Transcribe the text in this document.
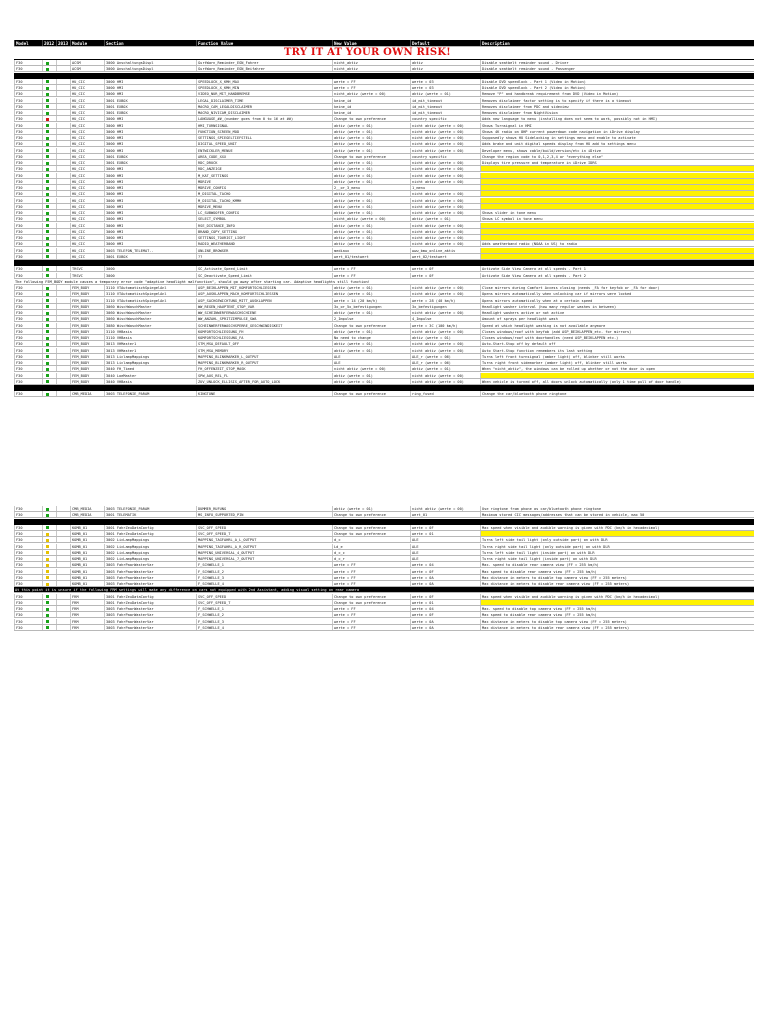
Model	2012 2013 Module	Section	Function Value	New Value	Default	Description
TRY IT AT YOUR OWN RISK!
F30	ACSM	3000 AnschaltungsDispl	GurtWarn_Reminder_EGN_Fahrer	nicht_aktiv	aktiv	Disable seatbelt reminder sound - Driver
F30	ACSM	3000 AnschaltungsDispl	GurtWarn_Reminder_EGN_Beifahrer	nicht_aktiv	aktiv	Disable seatbelt reminder sound - Passenger
F30	HU_CIC	3000 HMI	SPEEDLOCK_X_KMH_MAX	werte = FF	werte = 03	Disable DVD speedlock - Part 1 (Video in Motion)
F30	HU_CIC	3000 HMI	SPEEDLOCK_X_KMH_MIN	werte = FF	werte = 03	Disable DVD speedlock - Part 2 (Video in Motion)
F30	HU_CIC	3000 HMI	VIDEO_NUR_MIT_HANDBREMSE	nicht_aktiv (werte = 00)	aktiv (werte = 01)	Remove "P" and handbreak requirement from DVD (Video in Motion)
F30	HU_CIC	3001 EXBOX	LEGAL_DISCLAIMER_TIME	keine_id	id_mit_timeout	Removes disclaimer factor setting is to specify if there is a timeout
F30	HU_CIC	3001 EXBOX	MACRO_CAM_LEGALDISCLAIMER	keine_id	id_mit_timeout	Removes disclaimer from PDC and sideview
F30	HU_CIC	3001 EXBOX	MACRO_NIVICAM_DISCLAIMER	keine_id	id_mit_timeout	Removes disclaimer from NightVision
F30	HU_CIC	3000 HMI	LANGUAGE_##_(number goes from 0 to 16 at ##)	Change to own preference	country specific	Adds new language to menu (installing does not seem to work, possibly not in HMI)
F30	HU_CIC	3000 HMI	HMI_TURNSIGNAL	aktiv (werte = 01)	nicht aktiv (werte = 00)	Shows Turnsignal in HMI
F30	HU_CIC	3000 HMI	FUNCTION_SCREEN_MOD	aktiv (werte = 01)	nicht aktiv (werte = 00)	Shows 4K radio on 8HP current powerdown code navigation in iDrive display
F30	HU_CIC	3000 HMI	SETTINGS_SPIEGELTIEFSTELL	aktiv (werte = 01)	nicht aktiv (werte = 00)	Supposedly shows HU Sidelocking in settings menu and enable to activate
F30	HU_CIC	3000 HMI	DIGITAL_SPEED_UNIT	aktiv (werte = 01)	nicht aktiv (werte = 00)	Adds brake and unit digital speeds display from HU add to settings menu
F30	HU_CIC	3000 HMI	ENTWICKLER_MENUE	aktiv (werte = 01)	nicht aktiv (werte = 00)	Developer menu, shows cable/build/version/etc in iDrive
F30	HU_CIC	3001 EXBOX	AREA_CODE_XXX	Change to own preference	country specific	Change the region code to 0,1,2,3,4 or "everything else"
F30	HU_CIC	3001 EXBOX	RDC_DRUCK	aktiv (werte = 01)	nicht aktiv (werte = 00)	Displays tire pressure and temperature in iDrive IDRS
F30	HU_CIC	3000 HMI	RDC_ANZEIGE	aktiv (werte = 01)	nicht aktiv (werte = 00)
F30	HU_CIC	3000 HMI	M_KAT_SETTINGS	aktiv (werte = 01)	nicht aktiv (werte = 00)
F30	HU_CIC	3000 HMI	MDRIVE	aktiv (werte = 01)	nicht aktiv (werte = 00)
F30	HU_CIC	3000 HMI	MDRIVE_CONFIG	2__or_3_menu	1_menu
F30	HU_CIC	3000 HMI	M_DIGITAL_TACHO	aktiv (werte = 01)	nicht aktiv (werte = 00)
F30	HU_CIC	3000 HMI	M_DIGITAL_TACHO_KMMH	aktiv (werte = 01)	nicht aktiv (werte = 00)
F30	HU_CIC	3000 HMI	MDRIVE_MENU	aktiv (werte = 01)	nicht aktiv (werte = 00)
F30	HU_CIC	3000 HMI	LC_SUBWOOFER_CONFIG	aktiv (werte = 01)	nicht aktiv (werte = 00)	Shows slider in tone menu
F30	HU_CIC	3000 HMI	SELECT_SYMBOL	nicht_aktiv (werte = 00)	aktiv (werte = 01)	Shows LC symbol in tone menu
F30	HU_CIC	3000 HMI	RSE_DISTANCE_INFO	aktiv (werte = 01)	nicht aktiv (werte = 00)
F30	HU_CIC	3000 HMI	BRAND_COPY_SETTING	aktiv (werte = 01)	nicht aktiv (werte = 00)
F30	HU_CIC	3000 HMI	SETTINGS_TOURIST_LIGHT	aktiv (werte = 01)	nicht aktiv (werte = 00)
F30	HU_CIC	3000 HMI	RADIO_WEATHERBAND	aktiv (werte = 01)	nicht aktiv (werte = 00)	Adds weatherband radio (NOAA in US) to radio
F30	HU_CIC	3003 TELEFON_TELEMAT..	ONLINE_BROWSER	mediaux	www_bmw_online_aktiv
F30	HU_CIC	3001 EXBOX	??	wert_01/testwert	wert_02/testwert
F30	TRSVC	3000	SC_Activate_Speed_Limit	werte = FF	werte = 0F	Activate Side View Camera at all speeds - Part 1
F30	TRSVC	3000	SC_Deactivate_Speed_Limit	werte = FF	werte = 0F	Activate Side View Camera at all speeds - Part 2
The following FEM_BODY module causes a temporary error code "adaptive headlight malfunction", should go away after starting car. Adaptive headlights still function!
F30	FEM_BODY	3110 VTAutomatischSpiegelAnl	ASP_BEIKLAPPEN_MIT_KOMFORTSCHLIESSEN	aktiv (werte = 01)	nicht aktiv (werte = 00)	Close mirrors during Comfort Access closing (needs _FA for keyfob or _FA for door)
F30	FEM_BODY	3110 VTAutomatischSpiegelAnl	ASP_AUSKLAPPEN_MACH_KOMFORTSCHLIESSEN	aktiv (werte = 01)	nicht aktiv (werte = 00)	Opens mirrors automatically when unlocking car if mirrors were locked
F30	FEM_BODY	3110 VTAutomatischSpiegelAnl	ASP_SACHGEWICHTUNG_MITT_AUSKLAPPEN	werte = 14 (20 km/h)	werte = 28 (40 km/h)	Opens mirrors automatically when at a certain speed
F30	FEM_BODY	3060 WischWaschMaster	WW_REGEN_HAUPTENT_STOP_VAR	3x_or_5x_befestigungen	3x_befestigungen	Headlight washer interval (how many regular washes in between)
F30	FEM_BODY	3060 WischWaschMaster	WW_SCHEINWERFERWASCHSCHIENE	aktiv (werte = 01)	nicht aktiv (werte = 00)	Headlight washers active or not active
F30	FEM_BODY	3060 WischWaschMaster	WW_ANZAHL_SPRITZIMPULSE_SWA	2_Impulse	4_Impulse	Amount of sprays per headlight wash
F30	FEM_BODY	3080 WischWaschMaster	SCHEINWERFERWASCHSPERRE_GESCHWINDIGKEIT	Change to own preference	werte = 3C (100 km/h)	Speed at which headlight washing is not available anymore
F30	FEM_BODY	3110 VHBasis	KOMFORTSCHLIESSUNG_FH	aktiv (werte = 01)	nicht aktiv (werte = 00)	Closes windows/roof with keyfob (add ASP_BEIKLAPPEN_etc. for mirrors)
F30	FEM_BODY	3110 VHBasis	KOMFORTSCHLIESSUNG_FA	No need to change	aktiv (werte = 01)	Closes windows/roof with doorhandles (need ASP_BEIKLAPPEN etc.)
F30	FEM_BODY	3013 VHMaster1	STM_MSA_DEFAULT_OFF	aktiv (werte = 01)	nicht aktiv (werte = 00)	Auto-Start-Stop off by default off
F30	FEM_BODY	3013 VHMaster1	STM_MSA_MEMORY	aktiv (werte = 01)	nicht aktiv (werte = 00)	Auto Start-Stop function remembers its last setting
F30	FEM_BODY	3013 LiclampMappings	MAPPING_BLINKMARKER_L_OUTPUT	ALE	ALE_r (werte = 06)	Turns left front turnsignal (amber light) off, blinker still works
F30	FEM_BODY	3013 LiclampMappings	MAPPING_BLINKMARKER_R_OUTPUT	ALE	ALE_r (werte = 06)	Turns right front sidemarker (amber light) off, blinker still works
F30	FEM_BODY	3040 FH_Timed	FH_OFFENZEIT_STOP_MASK	nicht aktiv (werte = 00)	aktiv (werte = 01)	When "nicht_aktiv", the windows can be rolled up whether or not the door is open
F30	FEM_BODY	3040 LoeMaster	SPW_AUS_REL_FL	aktiv (werte = 01)	nicht aktiv (werte = 00)
F30	FEM_BODY	3040 VHBasis	ZUV_UNLOCK_ELLISIS_AFTER_FOR_AUTO_LOCK	aktiv (werte = 01)	nicht aktiv (werte = 00)	When vehicle is turned off, all doors unlock automatically (only 1 time pull of door handle)
F30	CMB_MEDIA	3003 TELEFONIE_PARAM	KINGTONE	Change to own preference	ring_fused	Change the car/bluetooth phone ringtone
F30	CMB_MEDIA	3003 TELEFONIE_PARAM	DUMMER_RUFUNG	aktiv (werte = 01)	nicht aktiv (werte = 00)	Use ringtone from phone as car/bluetooth phone ringtone
F30	CMB_MEDIA	3001 TELEMATIK	MS_INFO_SUPPORTED_PIN	Change to own preference	wert_01	Maximum stored CIC messages/addresses that can be stored in vehicle, max 50
F30	KOMB_01	3001 FahrZeuDataConfig	SVC_OFF_SPEED	Change to own preference	werte = 0F	Max speed when visible and audible warning is given with PDC (km/h in hexadecimal)
F30	KOMB_01	3001 FahrZeuDataConfig	SVC_OFF_SPEED_T	Change to own preference	werte = 01
F30	KOMB_01	3002 LicLampMappings	MAPPING_TAGFAHRL_A_L_OUTPUT	d_c	ALE	Turns left side tail light (only outside part) on with DLR
F30	KOMB_01	3002 LicLampMappings	MAPPING_TAGFAHRL_A_R_OUTPUT	Ld_e	ALE	Turns right side tail light (only outside part) on with DLR
F30	KOMB_01	3002 LicLampMappings	MAPPING_UNIVERSAL_4_OUTPUT	d_c_c	ALE	Turns left side tail light (inside part) on with DLR
F30	KOMB_01	3002 LicLampMappings	MAPPING_UNIVERSAL_7_OUTPUT	d_c_r	ALE	Turns right side tail light (inside part) on with DLR
F30	KOMB_01	3003 FahrPaarWasterVar	F_SCHWELLE_1	werte = FF	werte = 04	Max. speed to disable rear camera view (FF = 255 km/h)
F30	KOMB_01	3003 FahrPaarWasterVar	F_SCHWELLE_2	werte = FF	werte = 0F	Max speed to disable rear camera view (FF = 255 km/h)
F30	KOMB_01	3003 FahrPaarWasterVar	F_SCHWELLE_3	werte = FF	werte = 0A	Max distance in meters to disable top camera view (FF = 255 meters)
F30	KOMB_01	3003 FahrPaarWasterVar	F_SCHWELLE_4	werte = FF	werte = 0A	Max distance in meters to disable rear camera view (FF = 255 meters)
At this point it is unsure if the following FRM settings will make any difference on cars not equipped with 2nd Assistant, adding visual setting on rear camera
F30	FRM	3001 FahrZeuDataConfig	SVC_OFF_SPEED	Change to own preference	werte = 0F	Max speed when visible and audible warning is given with PDC (km/h in hexadecimal)
F30	FRM	3001 FahrZeuDataConfig	SVC_OFF_SPEED_T	Change to own preference	werte = 01
F30	FRM	3003 FahrPaarWasterVar	F_SCHWELLE_1	werte = FF	werte = 04	Max. speed to disable top camera view (FF = 255 km/h)
F30	FRM	3003 FahrPaarWasterVar	F_SCHWELLE_2	werte = FF	werte = 0F	Max speed to disable rear camera view (FF = 255 km/h)
F30	FRM	3003 FahrPaarWasterVar	F_SCHWELLE_3	werte = FF	werte = 0A	Max distance in meters to disable top camera view (FF = 255 meters)
F30	FRM	3003 FahrPaarWasterVar	F_SCHWELLE_4	werte = FF	werte = 0A	Max distance in meters to disable rear camera view (FF = 255 meters)
